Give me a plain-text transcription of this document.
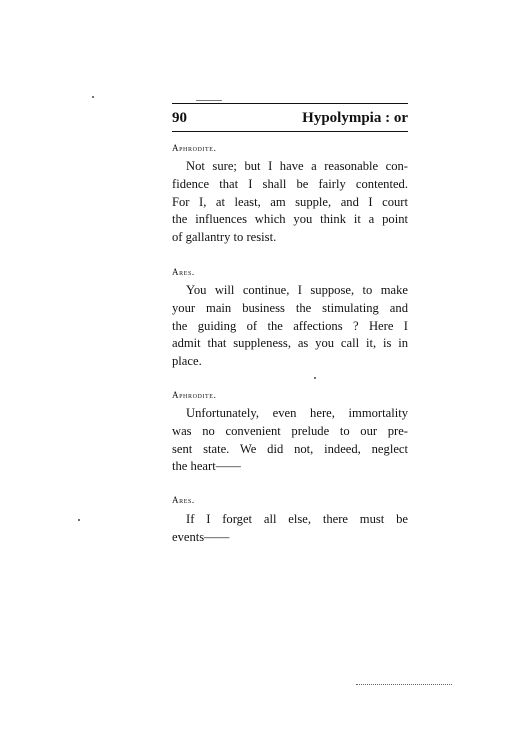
90	Hypolympia : or
Aphrodite.
Not sure; but I have a reasonable con-
fidence that I shall be fairly contented.
For I, at least, am supple, and I court
the influences which you think it a point
of gallantry to resist.
Ares.
You will continue, I suppose, to make
your main business the stimulating and
the guiding of the affections ? Here I
admit that suppleness, as you call it, is in
place.
Aphrodite.
Unfortunately, even here, immortality
was no convenient prelude to our pre-
sent state. We did not, indeed, neglect
the heart——
Ares.
If I forget all else, there must be
events——
